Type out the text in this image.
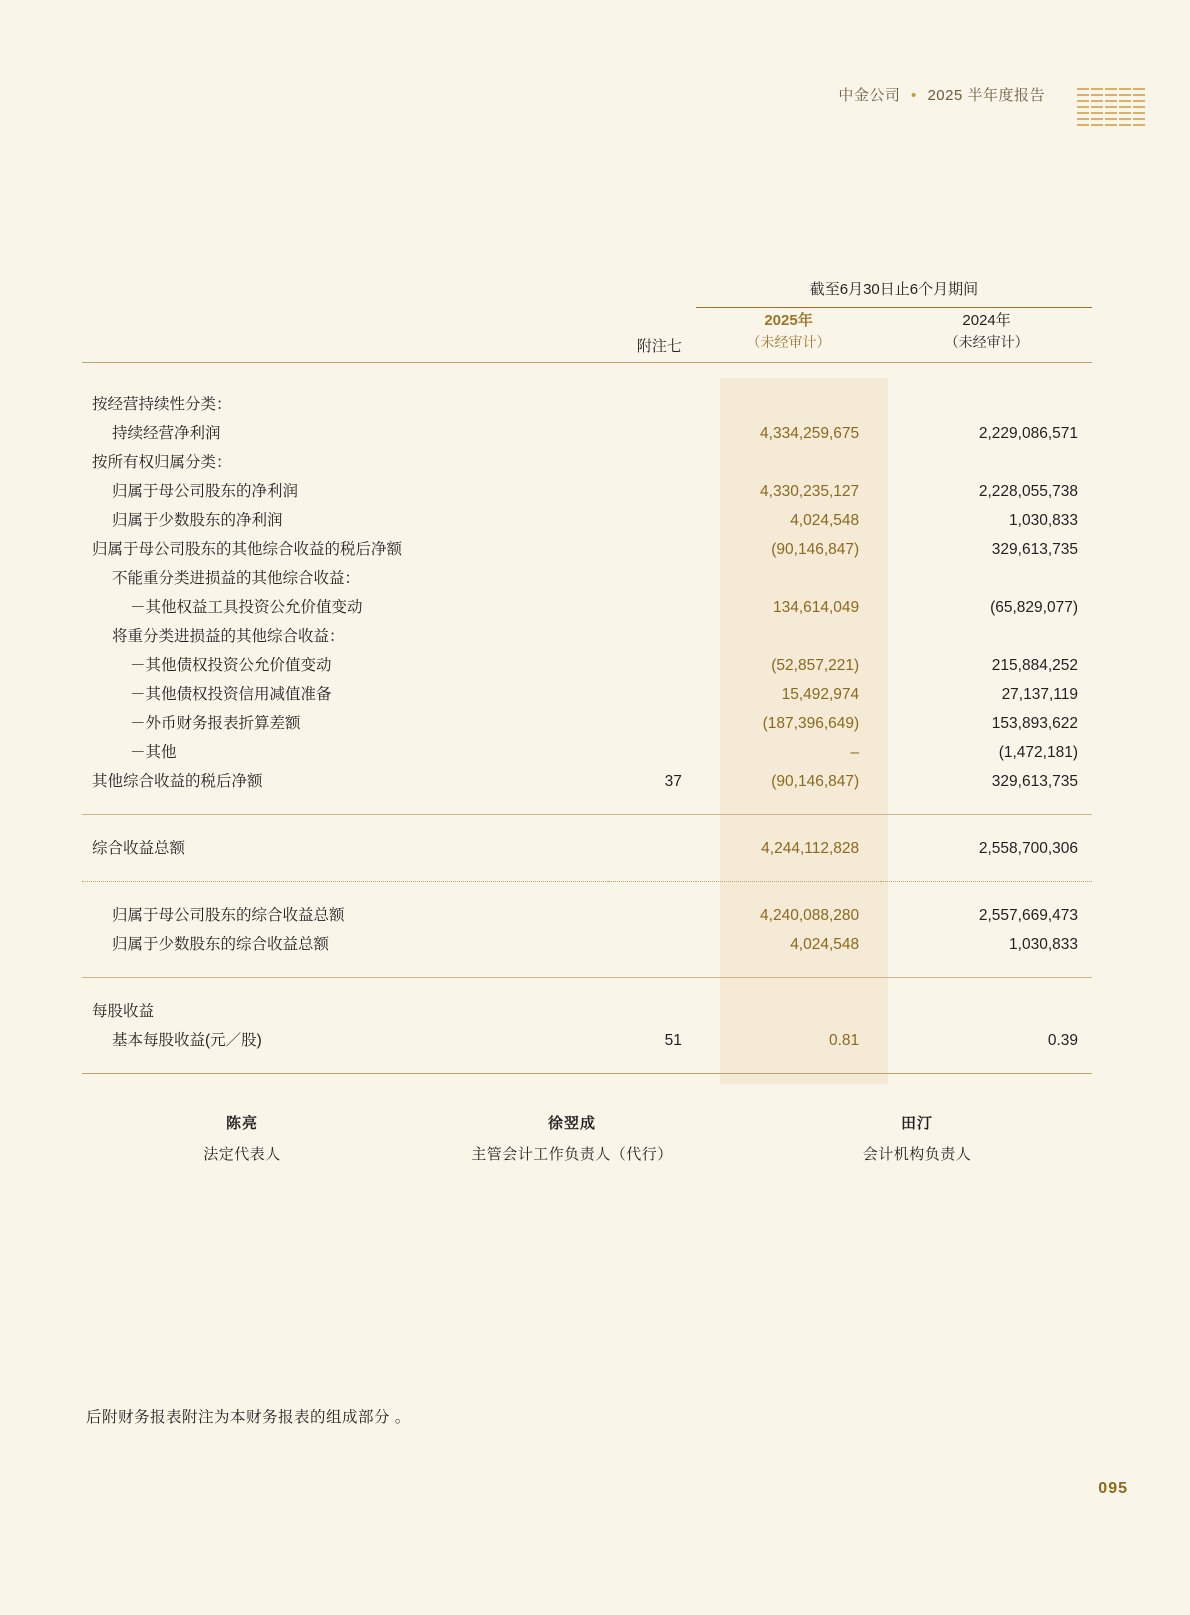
中金公司 • 2025 半年度报告
		截至6月30日止6个月期间	

	附注七	2025年	2024年
		（未经审计）	（未经审计）

按经营持续性分类：			
持续经营净利润		4,334,259,675	2,229,086,571
按所有权归属分类：			
归属于母公司股东的净利润		4,330,235,127	2,228,055,738
归属于少数股东的净利润		4,024,548	1,030,833
归属于母公司股东的其他综合收益的税后净额		(90,146,847)	329,613,735
不能重分类进损益的其他综合收益：			
－其他权益工具投资公允价值变动		134,614,049	(65,829,077)
将重分类进损益的其他综合收益：			
－其他债权投资公允价值变动		(52,857,221)	215,884,252
－其他债权投资信用减值准备		15,492,974	27,137,119
－外币财务报表折算差额		(187,396,649)	153,893,622
－其他		–	(1,472,181)
其他综合收益的税后净额	37	(90,146,847)	329,613,735

综合收益总额		4,244,112,828	2,558,700,306

归属于母公司股东的综合收益总额		4,240,088,280	2,557,669,473
归属于少数股东的综合收益总额		4,024,548	1,030,833

每股收益			
基本每股收益(元／股)	51	0.81	0.39

陈亮
法定代表人
徐翌成
主管会计工作负责人（代行）
田汀
会计机构负责人
后附财务报表附注为本财务报表的组成部分 。
095
